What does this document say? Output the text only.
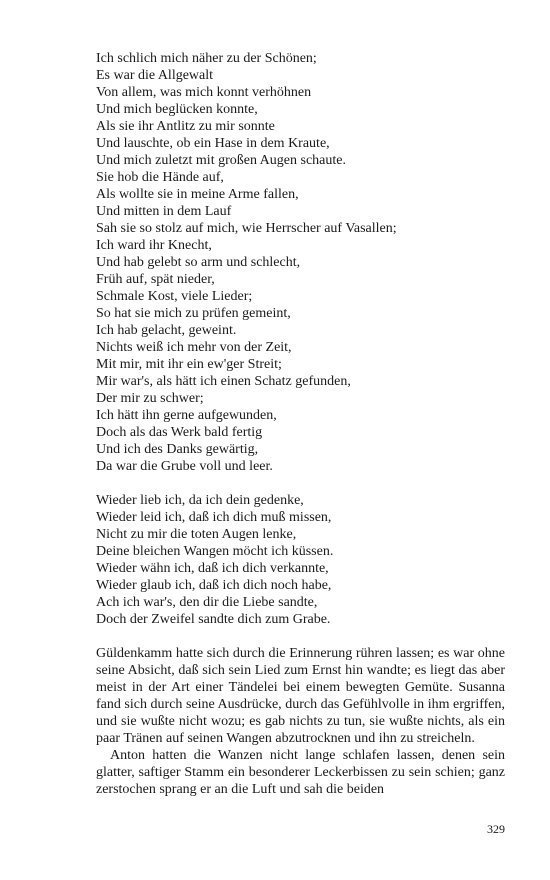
Ich schlich mich näher zu der Schönen;
Es war die Allgewalt
Von allem, was mich konnt verhöhnen
Und mich beglücken konnte,
Als sie ihr Antlitz zu mir sonnte
Und lauschte, ob ein Hase in dem Kraute,
Und mich zuletzt mit großen Augen schaute.
Sie hob die Hände auf,
Als wollte sie in meine Arme fallen,
Und mitten in dem Lauf
Sah sie so stolz auf mich, wie Herrscher auf Vasallen;
Ich ward ihr Knecht,
Und hab gelebt so arm und schlecht,
Früh auf, spät nieder,
Schmale Kost, viele Lieder;
So hat sie mich zu prüfen gemeint,
Ich hab gelacht, geweint.
Nichts weiß ich mehr von der Zeit,
Mit mir, mit ihr ein ew'ger Streit;
Mir war's, als hätt ich einen Schatz gefunden,
Der mir zu schwer;
Ich hätt ihn gerne aufgewunden,
Doch als das Werk bald fertig
Und ich des Danks gewärtig,
Da war die Grube voll und leer.
Wieder lieb ich, da ich dein gedenke,
Wieder leid ich, daß ich dich muß missen,
Nicht zu mir die toten Augen lenke,
Deine bleichen Wangen möcht ich küssen.
Wieder wähn ich, daß ich dich verkannte,
Wieder glaub ich, daß ich dich noch habe,
Ach ich war's, den dir die Liebe sandte,
Doch der Zweifel sandte dich zum Grabe.

Güldenkamm hatte sich durch die Erinnerung rühren lassen; es war ohne seine Absicht, daß sich sein Lied zum Ernst hin wandte; es liegt das aber meist in der Art einer Tändelei bei einem bewegten Gemüte. Susanna fand sich durch seine Ausdrücke, durch das Gefühlvolle in ihm ergriffen, und sie wußte nicht wozu; es gab nichts zu tun, sie wußte nichts, als ein paar Tränen auf seinen Wangen abzutrocknen und ihn zu streicheln.

Anton hatten die Wanzen nicht lange schlafen lassen, denen sein glatter, saftiger Stamm ein besonderer Leckerbissen zu sein schien; ganz zerstochen sprang er an die Luft und sah die beiden

329
